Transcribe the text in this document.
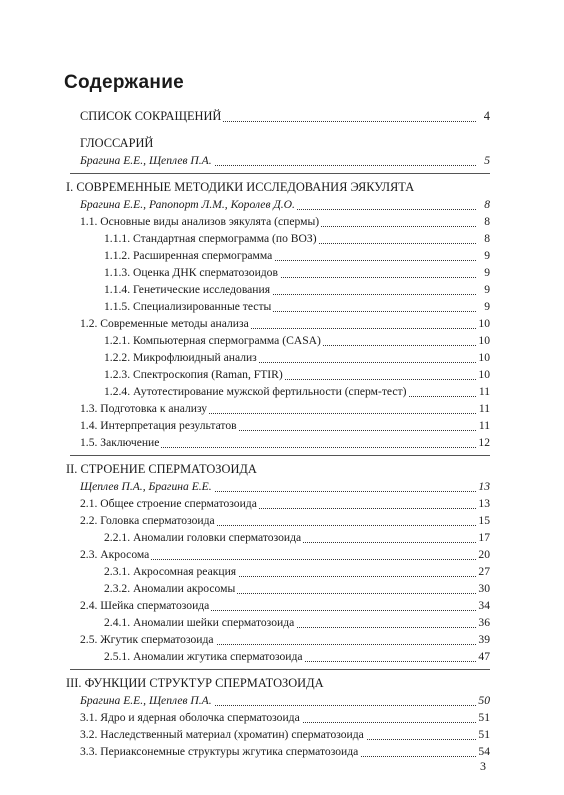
Содержание
СПИСОК СОКРАЩЕНИЙ	4
ГЛОССАРИЙ
Брагина Е.Е., Щеплев П.А.	5
I. СОВРЕМЕННЫЕ МЕТОДИКИ ИССЛЕДОВАНИЯ ЭЯКУЛЯТА
Брагина Е.Е., Рапопорт Л.М., Королев Д.О.	8
1.1. Основные виды анализов эякулята (спермы)	8
1.1.1. Стандартная спермограмма (по ВОЗ)	8
1.1.2. Расширенная спермограмма	9
1.1.3. Оценка ДНК сперматозоидов	9
1.1.4. Генетические исследования	9
1.1.5. Специализированные тесты	9
1.2. Современные методы анализа	10
1.2.1. Компьютерная спермограмма (CASA)	10
1.2.2. Микрофлюидный анализ	10
1.2.3. Спектроскопия (Raman, FTIR)	10
1.2.4. Аутотестирование мужской фертильности (сперм-тест)	11
1.3. Подготовка к анализу	11
1.4. Интерпретация результатов	11
1.5. Заключение	12
II. СТРОЕНИЕ СПЕРМАТОЗОИДА
Щеплев П.А., Брагина Е.Е.	13
2.1. Общее строение сперматозоида	13
2.2. Головка сперматозоида	15
2.2.1. Аномалии головки сперматозоида	17
2.3. Акросома	20
2.3.1. Акросомная реакция	27
2.3.2. Аномалии акросомы	30
2.4. Шейка сперматозоида	34
2.4.1. Аномалии шейки сперматозоида	36
2.5. Жгутик сперматозоида	39
2.5.1. Аномалии жгутика сперматозоида	47
III. ФУНКЦИИ СТРУКТУР СПЕРМАТОЗОИДА
Брагина Е.Е., Щеплев П.А.	50
3.1. Ядро и ядерная оболочка сперматозоида	51
3.2. Наследственный материал (хроматин) сперматозоида	51
3.3. Периаксонемные структуры жгутика сперматозоида	54
3
